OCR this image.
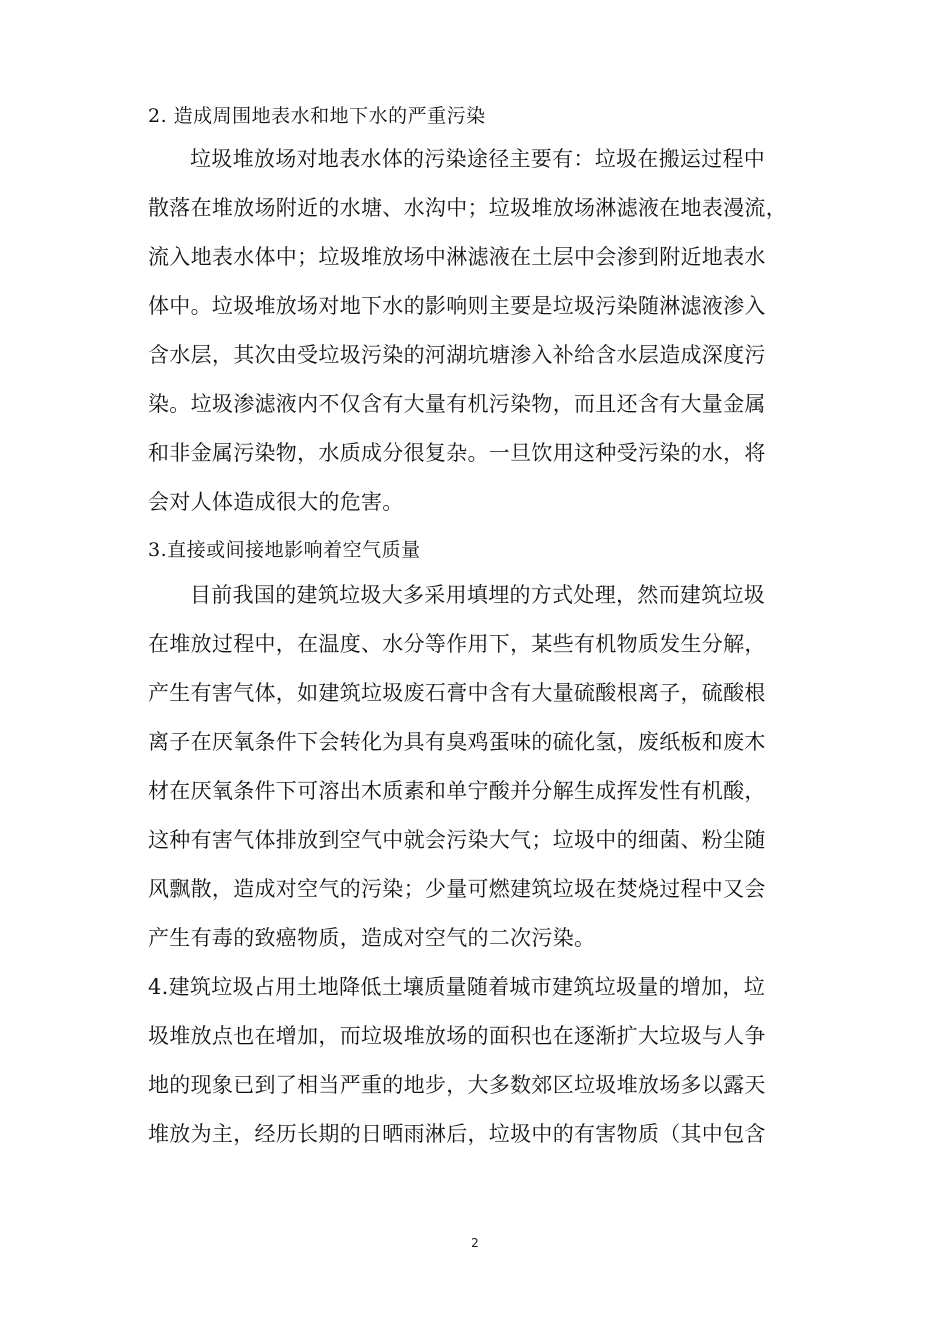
2. 造成周围地表水和地下水的严重污染
垃圾堆放场对地表水体的污染途径主要有：垃圾在搬运过程中
散落在堆放场附近的水塘、水沟中；垃圾堆放场淋滤液在地表漫流，
流入地表水体中；垃圾堆放场中淋滤液在土层中会渗到附近地表水
体中。垃圾堆放场对地下水的影响则主要是垃圾污染随淋滤液渗入
含水层，其次由受垃圾污染的河湖坑塘渗入补给含水层造成深度污
染。垃圾渗滤液内不仅含有大量有机污染物，而且还含有大量金属
和非金属污染物，水质成分很复杂。一旦饮用这种受污染的水，将
会对人体造成很大的危害。
3.直接或间接地影响着空气质量
目前我国的建筑垃圾大多采用填埋的方式处理，然而建筑垃圾
在堆放过程中，在温度、水分等作用下，某些有机物质发生分解，
产生有害气体，如建筑垃圾废石膏中含有大量硫酸根离子，硫酸根
离子在厌氧条件下会转化为具有臭鸡蛋味的硫化氢，废纸板和废木
材在厌氧条件下可溶出木质素和单宁酸并分解生成挥发性有机酸，
这种有害气体排放到空气中就会污染大气；垃圾中的细菌、粉尘随
风飘散，造成对空气的污染；少量可燃建筑垃圾在焚烧过程中又会
产生有毒的致癌物质，造成对空气的二次污染。
4.建筑垃圾占用土地降低土壤质量随着城市建筑垃圾量的增加，垃
圾堆放点也在增加，而垃圾堆放场的面积也在逐渐扩大垃圾与人争
地的现象已到了相当严重的地步，大多数郊区垃圾堆放场多以露天
堆放为主，经历长期的日晒雨淋后，垃圾中的有害物质（其中包含
2
